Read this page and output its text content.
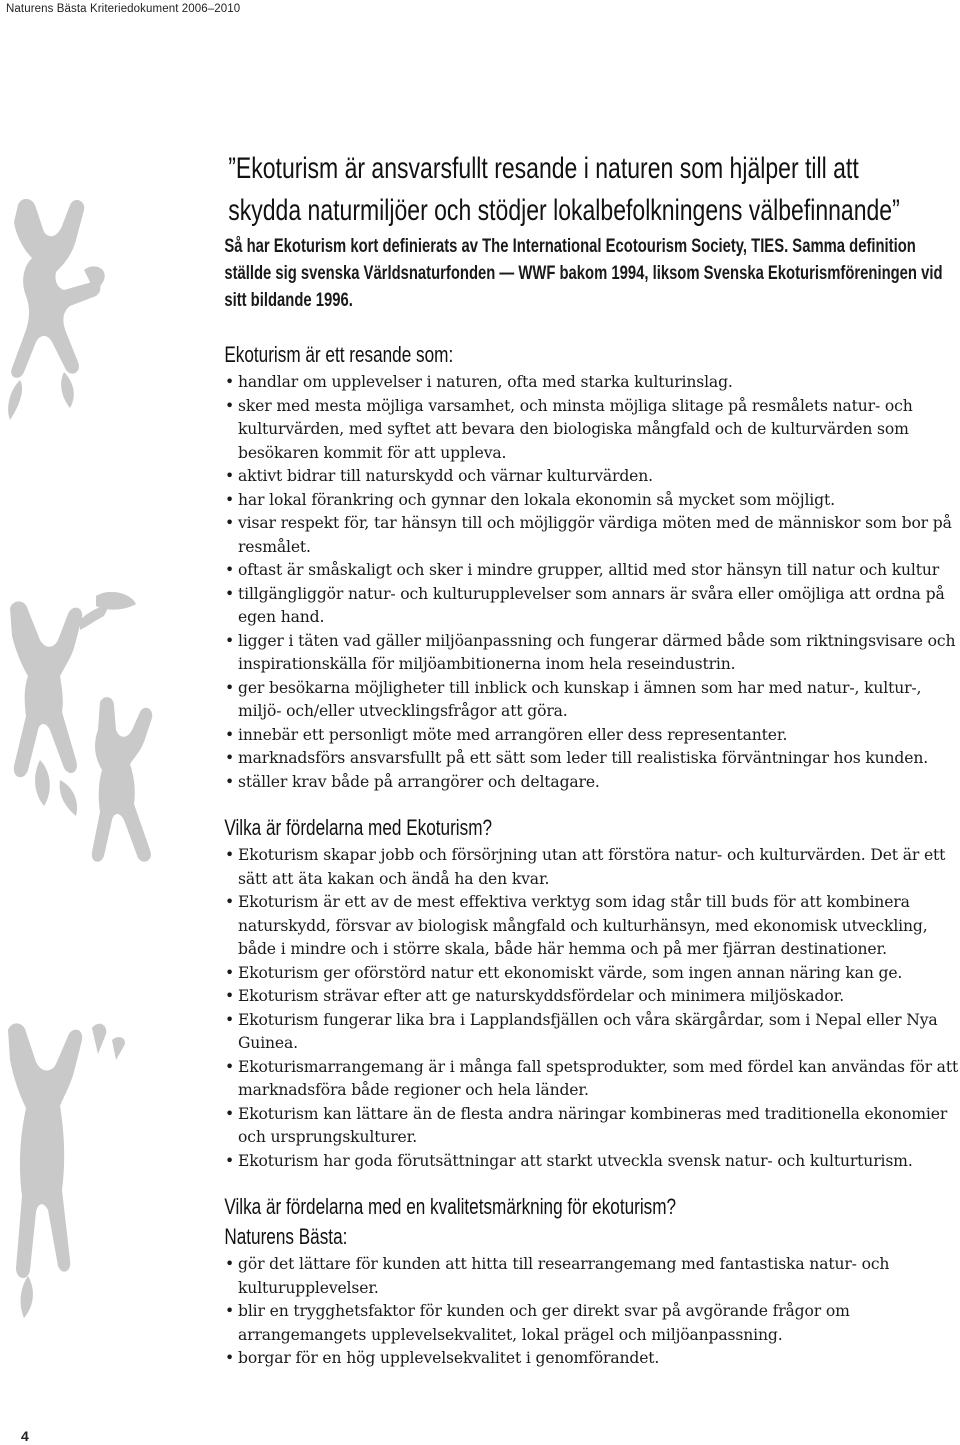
Naturens Bästa Kriteriedokument 2006–2010
”Ekoturism är ansvarsfullt resande i naturen som hjälper till att
skydda naturmiljöer och stödjer lokalbefolkningens välbefinnande”

Så har Ekoturism kort definierats av The International Ecotourism Society, TIES. Samma definition
ställde sig svenska Världsnaturfonden — WWF bakom 1994, liksom Svenska Ekoturismföreningen vid
sitt bildande 1996.

Ekoturism är ett resande som:
• handlar om upplevelser i naturen, ofta med starka kulturinslag.
• sker med mesta möjliga varsamhet, och minsta möjliga slitage på resmålets natur- och kulturvärden, med syftet att bevara den biologiska mångfald och de kulturvärden som besökaren kommit för att uppleva.
• aktivt bidrar till naturskydd och värnar kulturvärden.
• har lokal förankring och gynnar den lokala ekonomin så mycket som möjligt.
• visar respekt för, tar hänsyn till och möjliggör värdiga möten med de människor som bor på resmålet.
• oftast är småskaligt och sker i mindre grupper, alltid med stor hänsyn till natur och kultur
• tillgängliggör natur- och kulturupplevelser som annars är svåra eller omöjliga att ordna på egen hand.
• ligger i täten vad gäller miljöanpassning och fungerar därmed både som riktningsvisare och inspirationskälla för miljöambitionerna inom hela reseindustrin.
• ger besökarna möjligheter till inblick och kunskap i ämnen som har med natur-, kultur-, miljö- och/eller utvecklingsfrågor att göra.
• innebär ett personligt möte med arrangören eller dess representanter.
• marknadsförs ansvarsfullt på ett sätt som leder till realistiska förväntningar hos kunden.
• ställer krav både på arrangörer och deltagare.
Vilka är fördelarna med Ekoturism?
• Ekoturism skapar jobb och försörjning utan att förstöra natur- och kulturvärden. Det är ett sätt att äta kakan och ändå ha den kvar.
• Ekoturism är ett av de mest effektiva verktyg som idag står till buds för att kombinera naturskydd, försvar av biologisk mångfald och kulturhänsyn, med ekonomisk utveckling, både i mindre och i större skala, både här hemma och på mer fjärran destinationer.
• Ekoturism ger oförstörd natur ett ekonomiskt värde, som ingen annan näring kan ge.
• Ekoturism strävar efter att ge naturskyddsfördelar och minimera miljöskador.
• Ekoturism fungerar lika bra i Lapplandsfjällen och våra skärgårdar, som i Nepal eller Nya Guinea.
• Ekoturismarrangemang är i många fall spetsprodukter, som med fördel kan användas för att marknadsföra både regioner och hela länder.
• Ekoturism kan lättare än de flesta andra näringar kombineras med traditionella ekonomier och ursprungskulturer.
• Ekoturism har goda förutsättningar att starkt utveckla svensk natur- och kulturturism.
Vilka är fördelarna med en kvalitetsmärkning för ekoturism?
Naturens Bästa:
• gör det lättare för kunden att hitta till researrangemang med fantastiska natur- och kulturupplevelser.
• blir en trygghetsfaktor för kunden och ger direkt svar på avgörande frågor om arrangemangets upplevelsekvalitet, lokal prägel och miljöanpassning.
• borgar för en hög upplevelsekvalitet i genomförandet.
4
